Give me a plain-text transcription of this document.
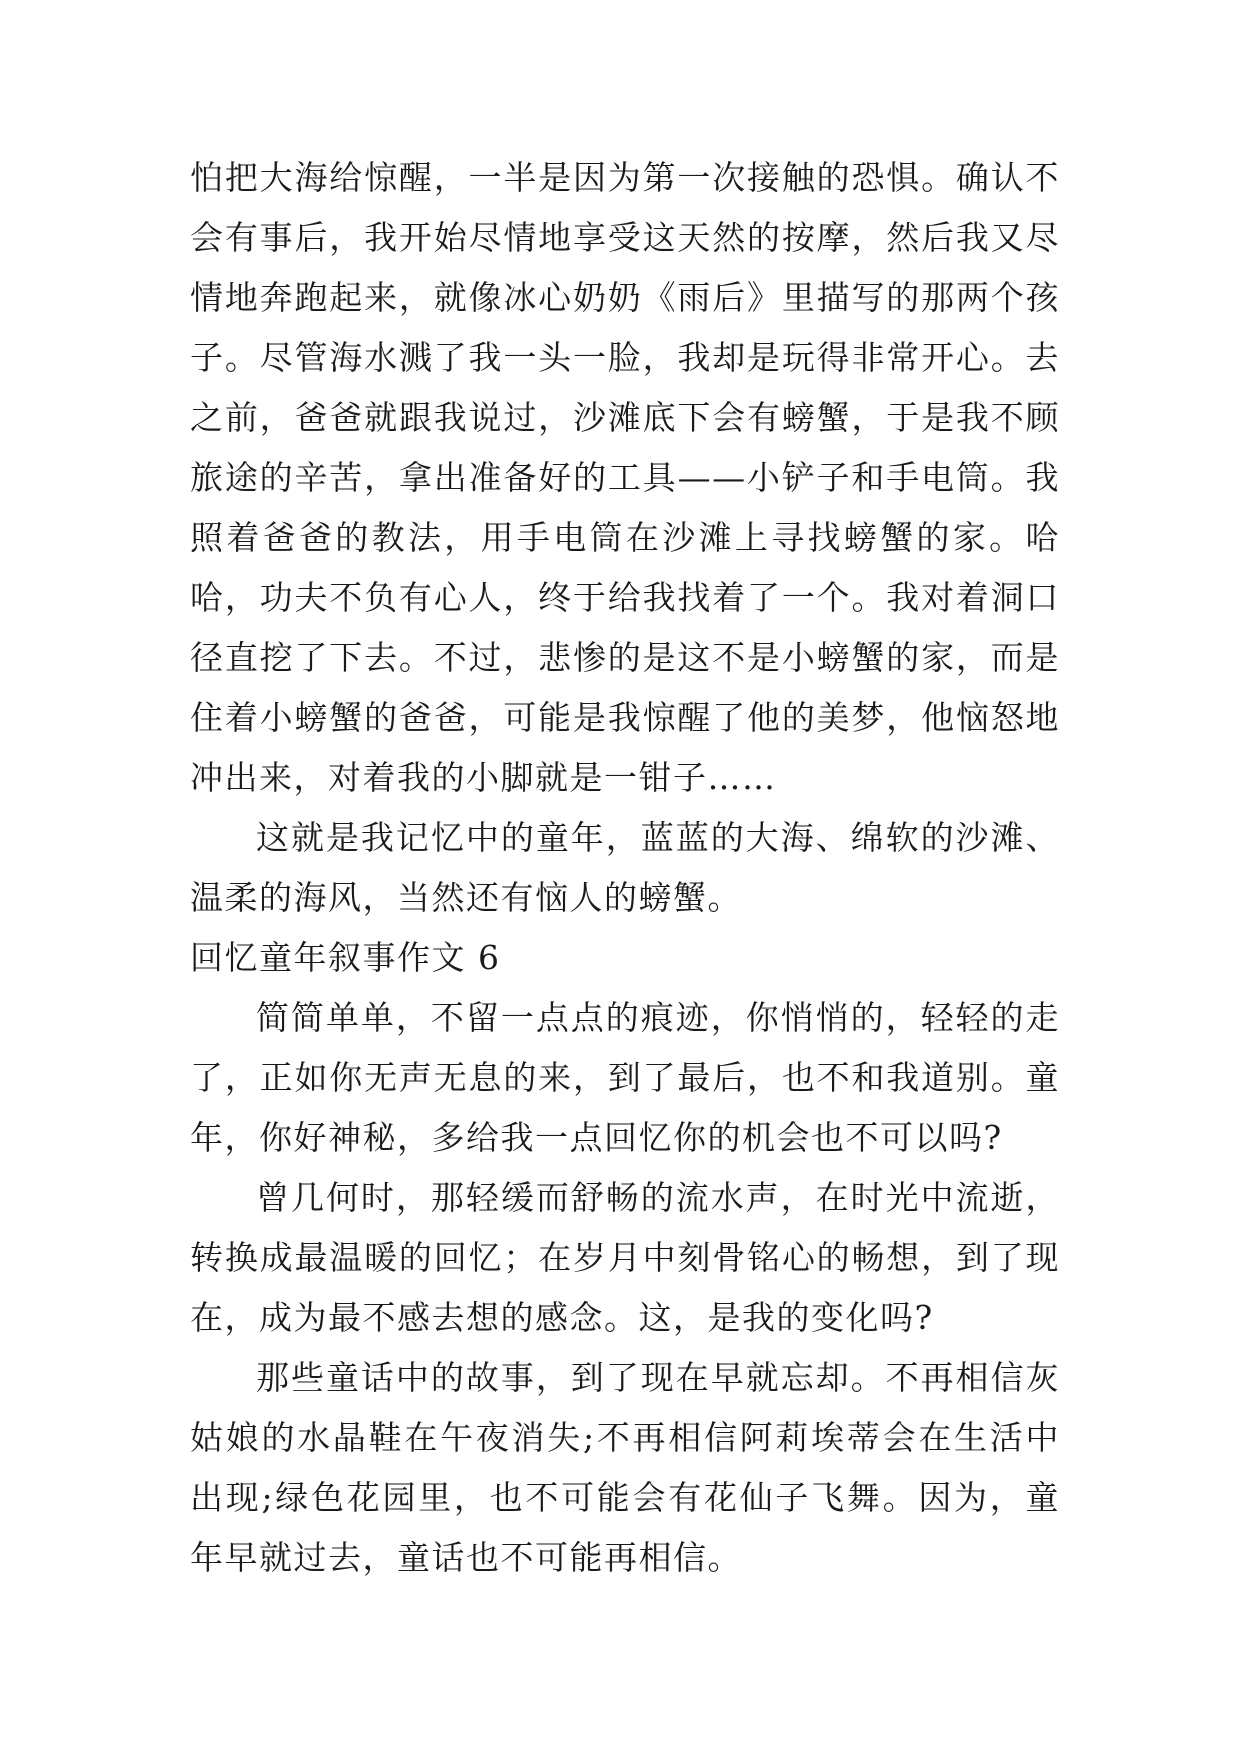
怕把大海给惊醒，一半是因为第一次接触的恐惧。确认不会有事后，我开始尽情地享受这天然的按摩，然后我又尽情地奔跑起来，就像冰心奶奶《雨后》里描写的那两个孩子。尽管海水溅了我一头一脸，我却是玩得非常开心。去之前，爸爸就跟我说过，沙滩底下会有螃蟹，于是我不顾旅途的辛苦，拿出准备好的工具——小铲子和手电筒。我照着爸爸的教法，用手电筒在沙滩上寻找螃蟹的家。哈哈，功夫不负有心人，终于给我找着了一个。我对着洞口径直挖了下去。不过，悲惨的是这不是小螃蟹的家，而是住着小螃蟹的爸爸，可能是我惊醒了他的美梦，他恼怒地冲出来，对着我的小脚就是一钳子……

这就是我记忆中的童年，蓝蓝的大海、绵软的沙滩、温柔的海风，当然还有恼人的螃蟹。

回忆童年叙事作文 6

简简单单，不留一点点的痕迹，你悄悄的，轻轻的走了，正如你无声无息的来，到了最后，也不和我道别。童年，你好神秘，多给我一点回忆你的机会也不可以吗?

曾几何时，那轻缓而舒畅的流水声，在时光中流逝，转换成最温暖的回忆；在岁月中刻骨铭心的畅想，到了现在，成为最不感去想的感念。这，是我的变化吗?

那些童话中的故事，到了现在早就忘却。不再相信灰姑娘的水晶鞋在午夜消失;不再相信阿莉埃蒂会在生活中出现;绿色花园里，也不可能会有花仙子飞舞。因为，童年早就过去，童话也不可能再相信。
